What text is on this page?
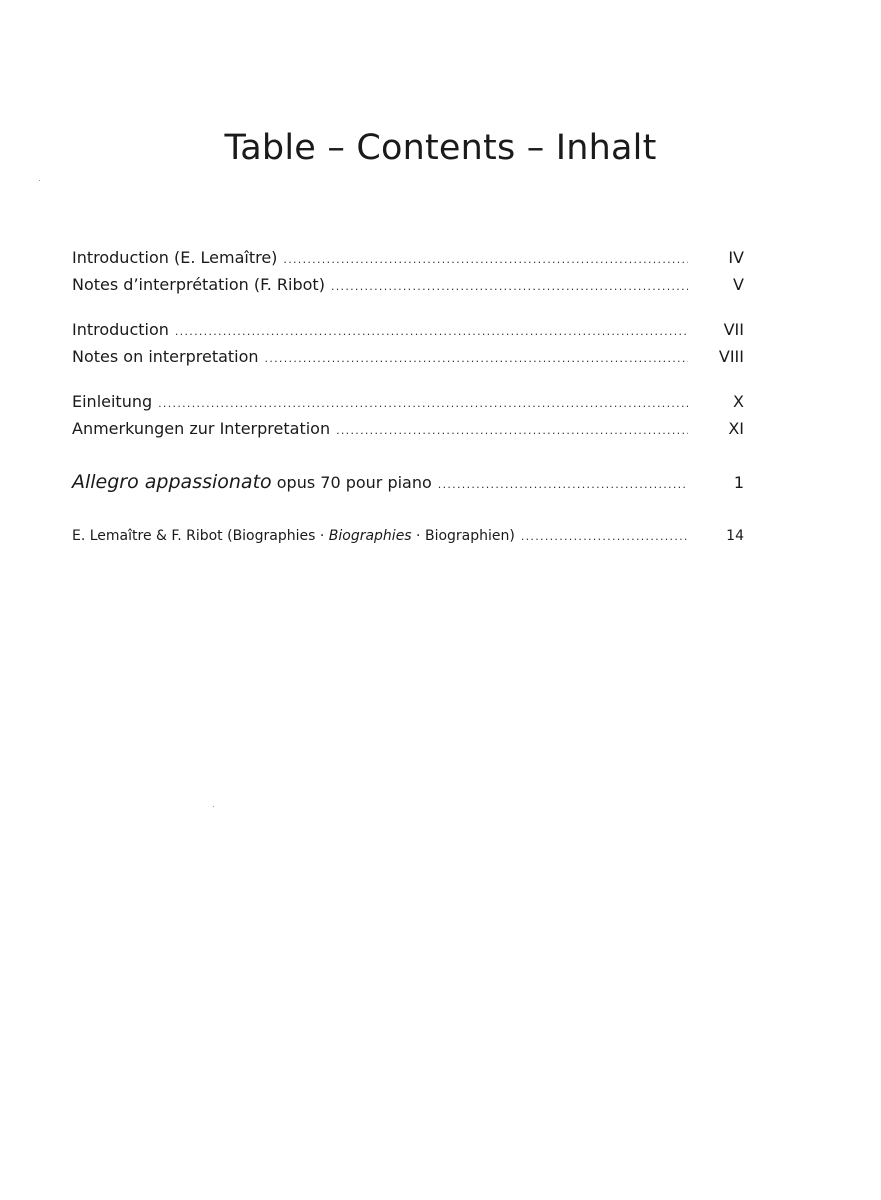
Table – Contents – Inhalt
Introduction (E. Lemaître) .....	IV
Notes d’interprétation (F. Ribot) .....	V
Introduction .....	VII
Notes on interpretation .....	VIII
Einleitung .....	X
Anmerkungen zur Interpretation .....	XI
Allegro appassionato opus 70 pour piano .....	1
E. Lemaître & F. Ribot (Biographies · Biographies · Biographien) .....	14
